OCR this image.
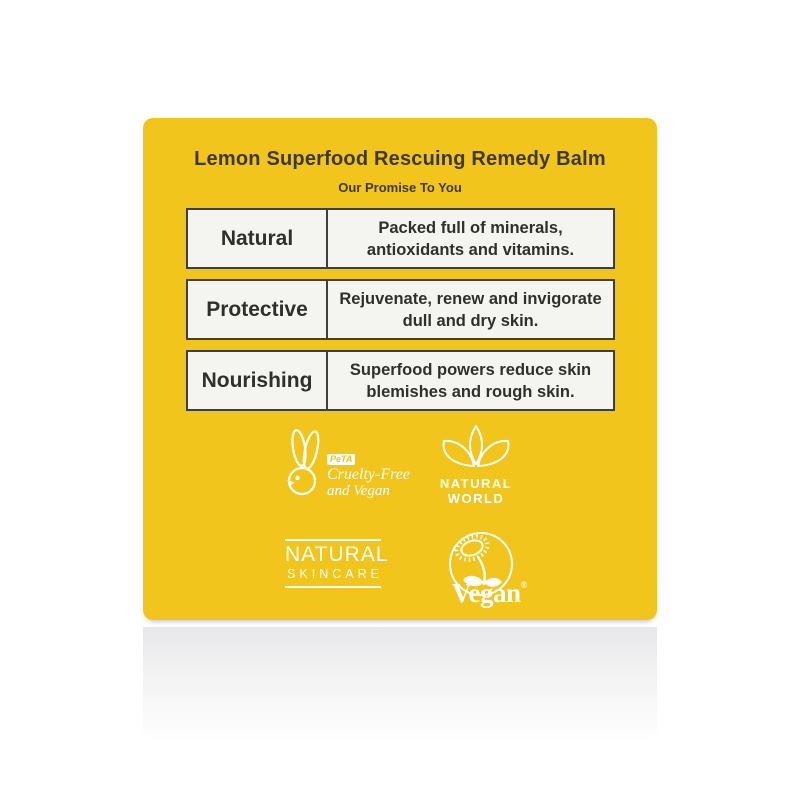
Lemon Superfood Rescuing Remedy Balm
Our Promise To You
Natural	Packed full of minerals,
antioxidants and vitamins.
Protective	Rejuvenate, renew and invigorate
dull and dry skin.
Nourishing	Superfood powers reduce skin
blemishes and rough skin.
PeTA
Cruelty-Free
and Vegan	NATURAL
WORLD
NATURAL
SKINCARE
Vegan®
